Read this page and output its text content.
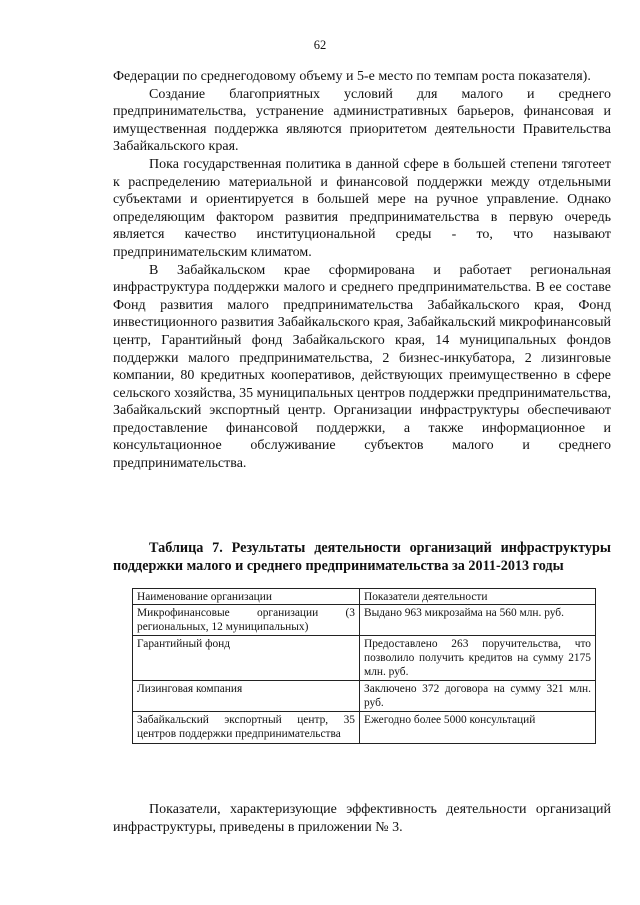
62

Федерации по среднегодовому объему и 5-е место по темпам роста показателя).

Создание благоприятных условий для малого и среднего предпринимательства, устранение административных барьеров, финансовая и имущественная поддержка являются приоритетом деятельности Правительства Забайкальского края.

Пока государственная политика в данной сфере в большей степени тяготеет к распределению материальной и финансовой поддержки между отдельными субъектами и ориентируется в большей мере на ручное управление. Однако определяющим фактором развития предпринимательства в первую очередь является качество институциональной среды - то, что называют предпринимательским климатом.

В Забайкальском крае сформирована и работает региональная инфраструктура поддержки малого и среднего предпринимательства. В ее составе Фонд развития малого предпринимательства Забайкальского края, Фонд инвестиционного развития Забайкальского края, Забайкальский микрофинансовый центр, Гарантийный фонд Забайкальского края, 14 муниципальных фондов поддержки малого предпринимательства, 2 бизнес-инкубатора, 2 лизинговые компании, 80 кредитных кооперативов, действующих преимущественно в сфере сельского хозяйства, 35 муниципальных центров поддержки предпринимательства, Забайкальский экспортный центр. Организации инфраструктуры обеспечивают предоставление финансовой поддержки, а также информационное и консультационное обслуживание субъектов малого и среднего предпринимательства.

Таблица 7. Результаты деятельности организаций инфраструктуры поддержки малого и среднего предпринимательства за 2011-2013 годы

Наименование организации	Показатели деятельности
Микрофинансовые организации (3 региональных, 12 муниципальных)	Выдано 963 микрозайма на 560 млн. руб.
Гарантийный фонд	Предоставлено 263 поручительства, что позволило получить кредитов на сумму 2175 млн. руб.
Лизинговая компания	Заключено 372 договора на сумму 321 млн. руб.
Забайкальский экспортный центр, 35 центров поддержки предпринимательства	Ежегодно более 5000 консультаций

Показатели, характеризующие эффективность деятельности организаций инфраструктуры, приведены в приложении № 3.
